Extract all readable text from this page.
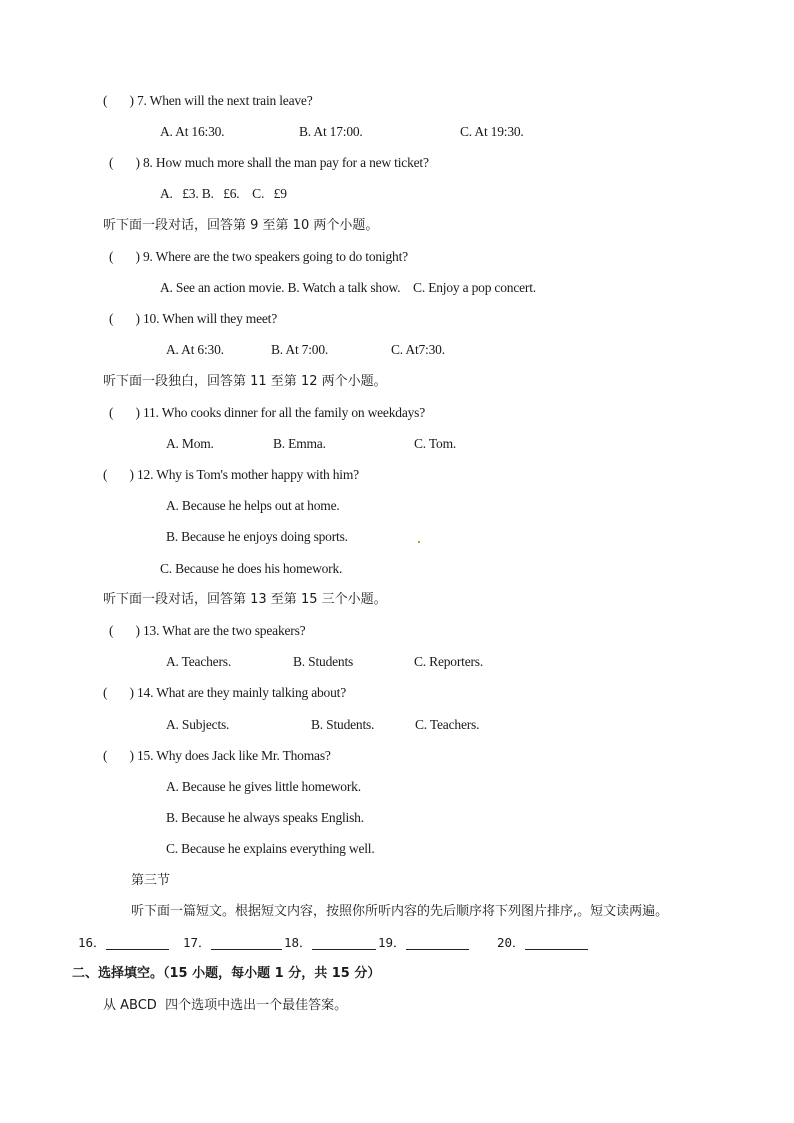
(       ) 7. When will the next train leave?
A. At 16:30.	B. At 17:00.	C. At 19:30.
(       ) 8. How much more shall the man pay for a new ticket?
A.   £3. B.   £6.    C.   £9
听下面一段对话，回答第 9 至第 10 两个小题。
(       ) 9. Where are the two speakers going to do tonight?
A. See an action movie. B. Watch a talk show.    C. Enjoy a pop concert.
(       ) 10. When will they meet?
A. At 6:30.	B. At 7:00.	C. At7:30.
听下面一段独白，回答第 11 至第 12 两个小题。
(       ) 11. Who cooks dinner for all the family on weekdays?
A. Mom.	B. Emma.	C. Tom.
(       ) 12. Why is Tom's mother happy with him?
A. Because he helps out at home.
B. Because he enjoys doing sports.
C. Because he does his homework.
听下面一段对话，回答第 13 至第 15 三个小题。
(       ) 13. What are the two speakers?
A. Teachers.	B. Students	C. Reporters.
(       ) 14. What are they mainly talking about?
A. Subjects.	B. Students.	C. Teachers.
(       ) 15. Why does Jack like Mr. Thomas?
A. Because he gives little homework.
B. Because he always speaks English.
C. Because he explains everything well.
第三节
听下面一篇短文。根据短文内容，按照你所听内容的先后顺序将下列图片排序,。短文读两遍。
16．	17．	18．	19．	20．
二、选择填空。（15 小题，每小题 1 分，共 15 分）
从 ABCD  四个选项中选出一个最佳答案。
